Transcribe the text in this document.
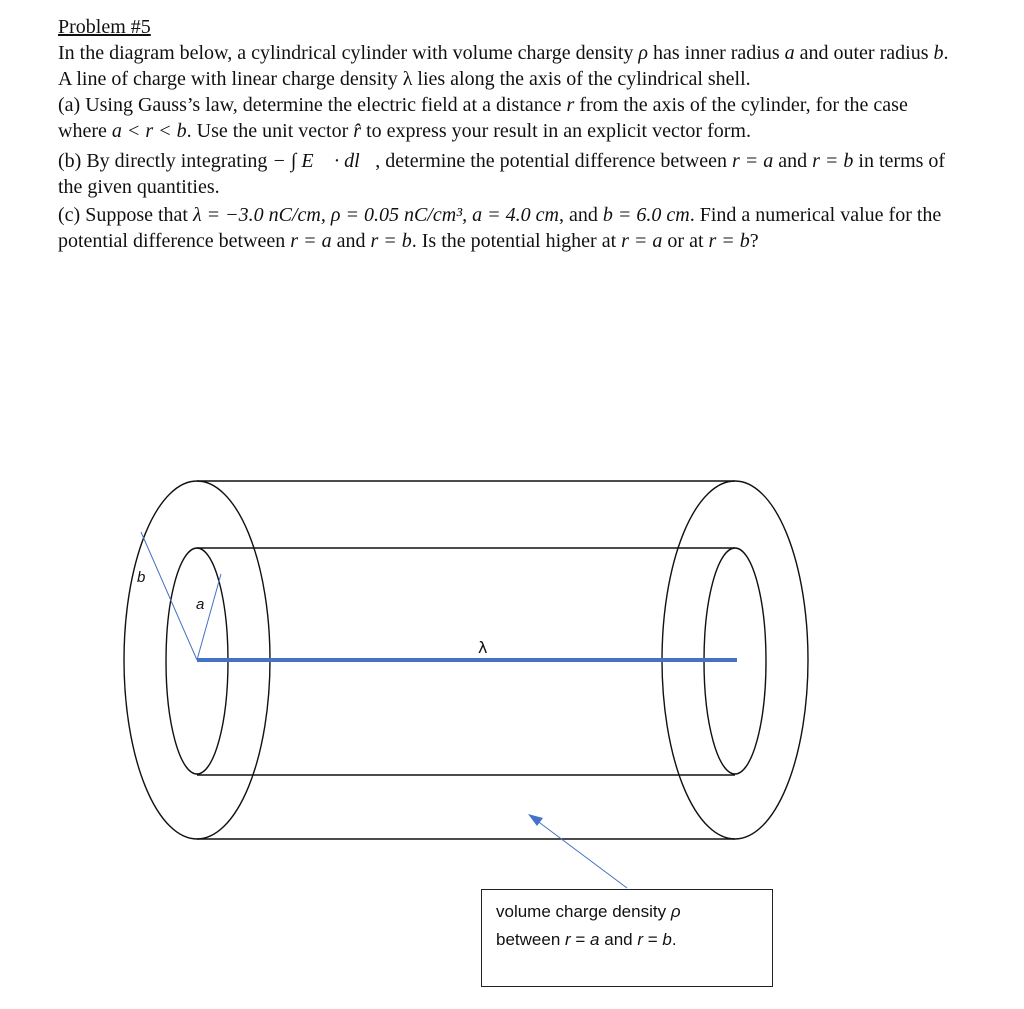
Problem #5

In the diagram below, a cylindrical cylinder with volume charge density ρ has inner radius a and outer radius b. A line of charge with linear charge density λ lies along the axis of the cylindrical shell.

(a) Using Gauss’s law, determine the electric field at a distance r from the axis of the cylinder, for the case where a < r < b. Use the unit vector r̂ to express your result in an explicit vector form.

(b) By directly integrating − ∫ E⃗ · dl⃗, determine the potential difference between r = a and r = b in terms of the given quantities.

(c) Suppose that λ = −3.0 nC/cm, ρ = 0.05 nC/cm³, a = 4.0 cm, and b = 6.0 cm. Find a numerical value for the potential difference between r = a and r = b. Is the potential higher at r = a or at r = b?

b
a
λ
volume charge density ρ
between r = a and r = b.
